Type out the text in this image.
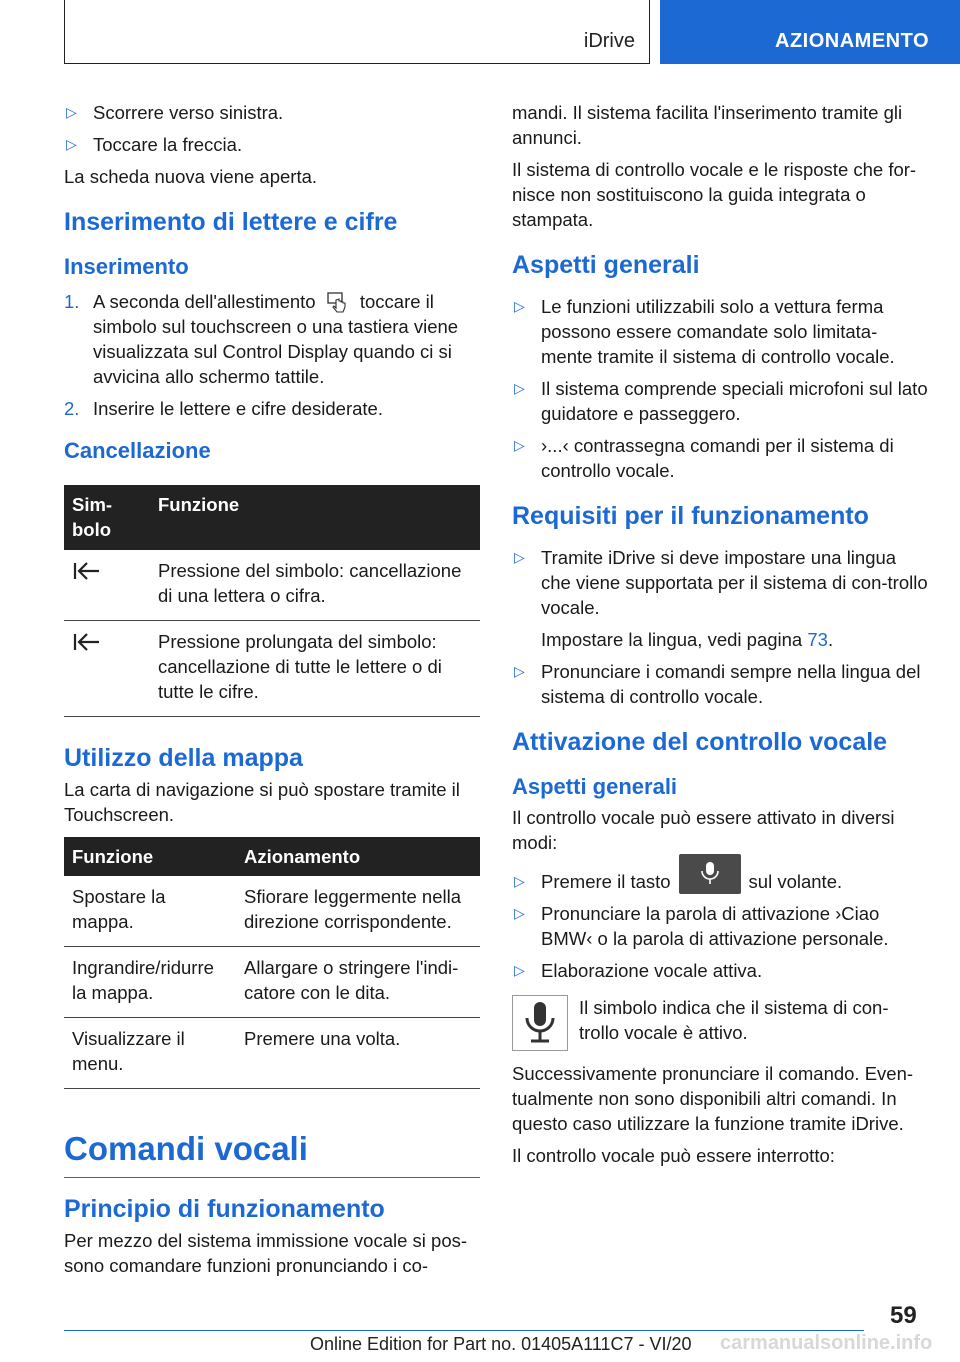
iDrive	AZIONAMENTO
▷ Scorrere verso sinistra.
▷ Toccare la freccia.
La scheda nuova viene aperta.
Inserimento di lettere e cifre
Inserimento
1. A seconda dell'allestimento toccare il simbolo sul touchscreen o una tastiera viene visualizzata sul Control Display quando ci si avvicina allo schermo tattile.
2. Inserire le lettere e cifre desiderate.
Cancellazione
Sim-bolo	Funzione
	Pressione del simbolo: cancellazione di una lettera o cifra.
	Pressione prolungata del simbolo: cancellazione di tutte le lettere o di tutte le cifre.
Utilizzo della mappa
La carta di navigazione si può spostare tramite il Touchscreen.
Funzione	Azionamento
Spostare la mappa.	Sfiorare leggermente nella direzione corrispondente.
Ingrandire/ridurre la mappa.	Allargare o stringere l'indi-catore con le dita.
Visualizzare il menu.	Premere una volta.
Comandi vocali
Principio di funzionamento
Per mezzo del sistema immissione vocale si pos-sono comandare funzioni pronunciando i co-
mandi. Il sistema facilita l'inserimento tramite gli annunci.
Il sistema di controllo vocale e le risposte che for-nisce non sostituiscono la guida integrata o stampata.
Aspetti generali
▷ Le funzioni utilizzabili solo a vettura ferma possono essere comandate solo limitata-mente tramite il sistema di controllo vocale.
▷ Il sistema comprende speciali microfoni sul lato guidatore e passeggero.
▷ ›...‹ contrassegna comandi per il sistema di controllo vocale.
Requisiti per il funzionamento
▷ Tramite iDrive si deve impostare una lingua che viene supportata per il sistema di con-trollo vocale.
Impostare la lingua, vedi pagina 73.
▷ Pronunciare i comandi sempre nella lingua del sistema di controllo vocale.
Attivazione del controllo vocale
Aspetti generali
Il controllo vocale può essere attivato in diversi modi:
▷ Premere il tasto	sul volante.
▷ Pronunciare la parola di attivazione ›Ciao BMW‹ o la parola di attivazione personale.
▷ Elaborazione vocale attiva.
Il simbolo indica che il sistema di con-trollo vocale è attivo.
Successivamente pronunciare il comando. Even-tualmente non sono disponibili altri comandi. In questo caso utilizzare la funzione tramite iDrive.
Il controllo vocale può essere interrotto:
59
Online Edition for Part no. 01405A111C7 - VI/20 carmanualsonline.info
